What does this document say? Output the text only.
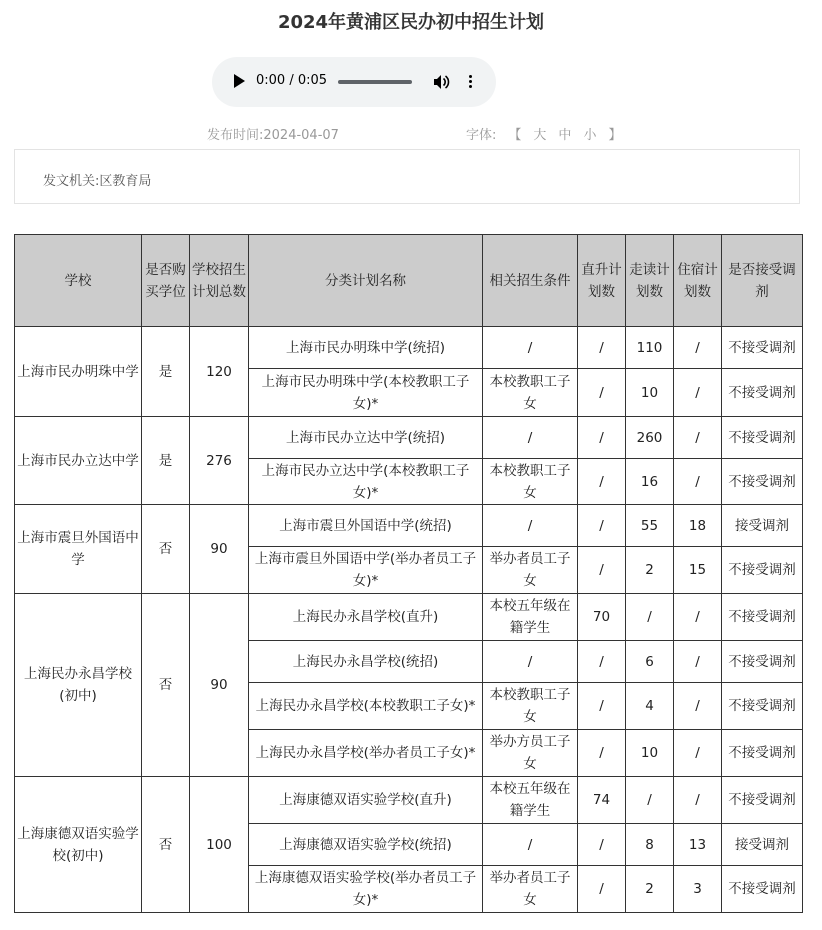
2024年黄浦区民办初中招生计划
0:00 / 0:05
发布时间:2024-04-07	字体: 【 大 中 小 】
发文机关:区教育局
学校	是否购买学位	学校招生计划总数	分类计划名称	相关招生条件	直升计划数	走读计划数	住宿计划数	是否接受调剂
上海市民办明珠中学	是	120	上海市民办明珠中学(统招)	/	/	110	/	不接受调剂
			上海市民办明珠中学(本校教职工子女)*	本校教职工子女	/	10	/	不接受调剂
上海市民办立达中学	是	276	上海市民办立达中学(统招)	/	/	260	/	不接受调剂
			上海市民办立达中学(本校教职工子女)*	本校教职工子女	/	16	/	不接受调剂
上海市震旦外国语中学	否	90	上海市震旦外国语中学(统招)	/	/	55	18	接受调剂
			上海市震旦外国语中学(举办者员工子女)*	举办者员工子女	/	2	15	不接受调剂
上海民办永昌学校(初中)	否	90	上海民办永昌学校(直升)	本校五年级在籍学生	70	/	/	不接受调剂
			上海民办永昌学校(统招)	/	/	6	/	不接受调剂
			上海民办永昌学校(本校教职工子女)*	本校教职工子女	/	4	/	不接受调剂
			上海民办永昌学校(举办者员工子女)*	举办方员工子女	/	10	/	不接受调剂
上海康德双语实验学校(初中)	否	100	上海康德双语实验学校(直升)	本校五年级在籍学生	74	/	/	不接受调剂
			上海康德双语实验学校(统招)	/	/	8	13	接受调剂
			上海康德双语实验学校(举办者员工子女)*	举办者员工子女	/	2	3	不接受调剂
